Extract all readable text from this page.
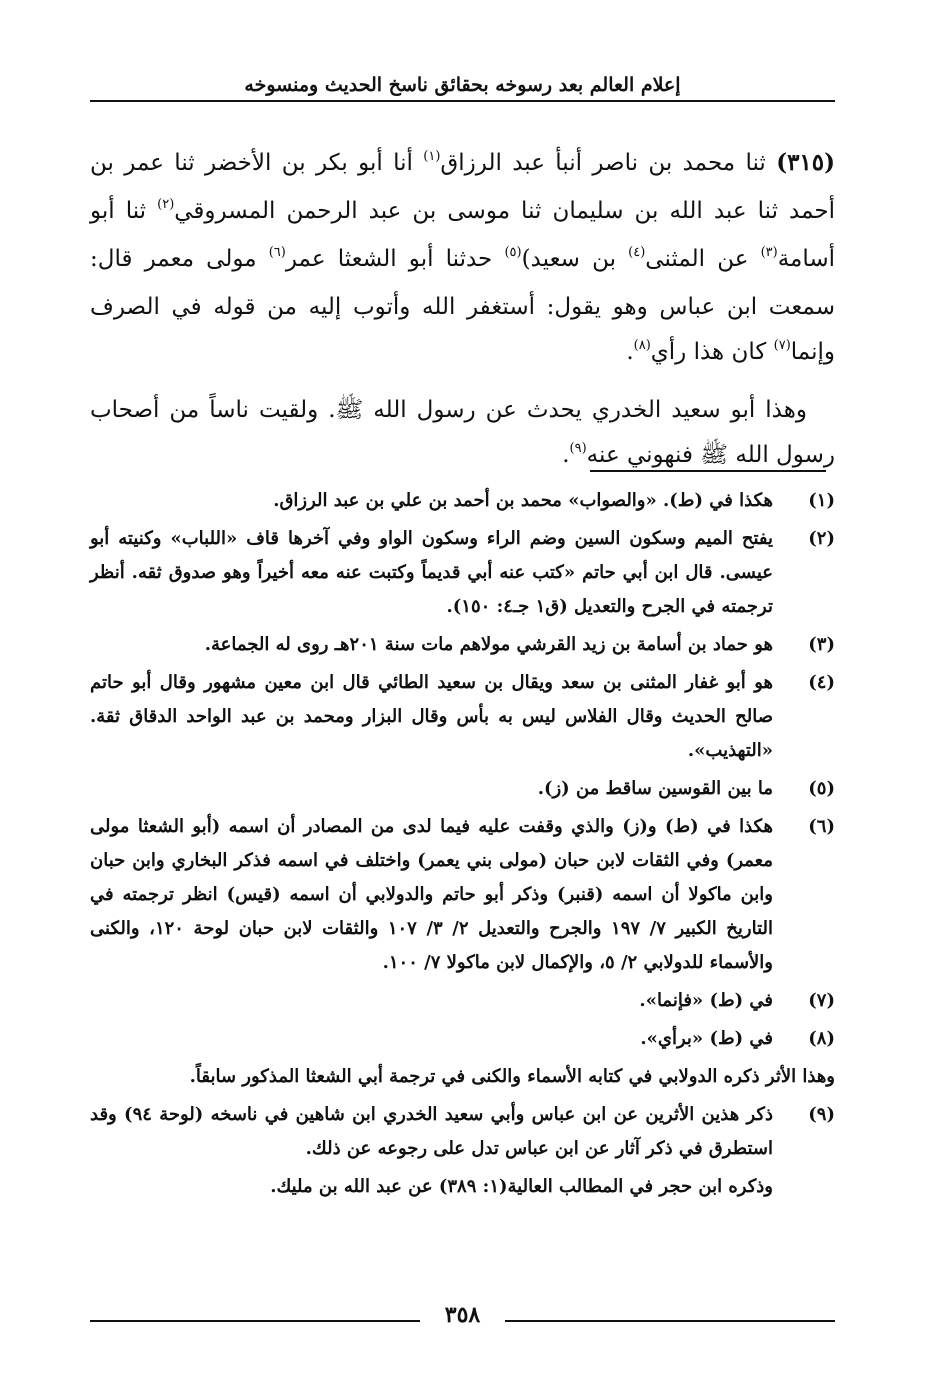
إعلام العالم بعد رسوخه بحقائق ناسخ الحديث ومنسوخه

(٣١٥) ثنا محمد بن ناصر أنبأ عبد الرزاق$^{(١)}$ أنا أبو بكر بن الأخضر ثنا عمر بن أحمد ثنا عبد الله بن سليمان ثنا موسى بن عبد الرحمن المسروقي$^{(٢)}$ ثنا أبو أسامة$^{(٣)}$ عن المثنى$^{(٤)}$ بن سعيد)$^{(٥)}$ حدثنا أبو الشعثا عمر$^{(٦)}$ مولى معمر قال: سمعت ابن عباس وهو يقول: أستغفر الله وأتوب إليه من قوله في الصرف وإنما$^{(٧)}$ كان هذا رأي$^{(٨)}$.

وهذا أبو سعيد الخدري يحدث عن رسول الله ﷺ. ولقيت ناساً من أصحاب رسول الله ﷺ فنهوني عنه$^{(٩)}$.

(١)
هكذا في (ط). «والصواب» محمد بن أحمد بن علي بن عبد الرزاق.
(٢)
يفتح الميم وسكون السين وضم الراء وسكون الواو وفي آخرها قاف «اللباب» وكنيته أبو عيسى. قال ابن أبي حاتم «كتب عنه أبي قديماً وكتبت عنه معه أخيراً وهو صدوق ثقه. أنظر ترجمته في الجرح والتعديل (ق١ جـ٤: ١٥٠).
(٣)
هو حماد بن أسامة بن زيد القرشي مولاهم مات سنة ٢٠١هـ روى له الجماعة.
(٤)
هو أبو غفار المثنى بن سعد ويقال بن سعيد الطائي قال ابن معين مشهور وقال أبو حاتم صالح الحديث وقال الفلاس ليس به بأس وقال البزار ومحمد بن عبد الواحد الدقاق ثقة. «التهذيب».
(٥)
ما بين القوسين ساقط من (ز).
(٦)
هكذا في (ط) و(ز) والذي وقفت عليه فيما لدى من المصادر أن اسمه (أبو الشعثا مولى معمر) وفي الثقات لابن حبان (مولى بني يعمر) واختلف في اسمه فذكر البخاري وابن حبان وابن ماكولا أن اسمه (قنبر) وذكر أبو حاتم والدولابي أن اسمه (قيس) انظر ترجمته في التاريخ الكبير ٧/ ١٩٧ والجرح والتعديل ٢/ ٣/ ١٠٧ والثقات لابن حبان لوحة ١٢٠، والكنى والأسماء للدولابي ٢/ ٥، والإكمال لابن ماكولا ٧/ ١٠٠.
(٧)
في (ط) «فإنما».
(٨)
في (ط) «برأي».
وهذا الأثر ذكره الدولابي في كتابه الأسماء والكنى في ترجمة أبي الشعثا المذكور سابقاً.
(٩)
ذكر هذين الأثرين عن ابن عباس وأبي سعيد الخدري ابن شاهين في ناسخه (لوحة ٩٤) وقد استطرق في ذكر آثار عن ابن عباس تدل على رجوعه عن ذلك.
وذكره ابن حجر في المطالب العالية(١: ٣٨٩) عن عبد الله بن مليك.
٣٥٨
